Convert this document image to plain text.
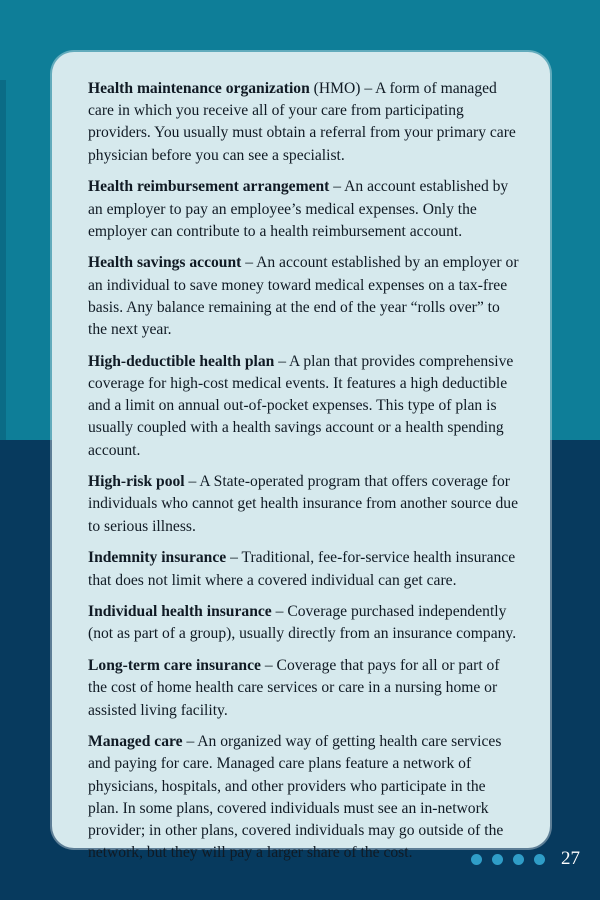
Health maintenance organization (HMO) – A form of managed care in which you receive all of your care from participating providers. You usually must obtain a referral from your primary care physician before you can see a specialist.

Health reimbursement arrangement – An account established by an employer to pay an employee’s medical expenses. Only the employer can contribute to a health reimbursement account.

Health savings account – An account established by an employer or an individual to save money toward medical expenses on a tax-free basis. Any balance remaining at the end of the year “rolls over” to the next year.

High-deductible health plan – A plan that provides comprehensive coverage for high-cost medical events. It features a high deductible and a limit on annual out-of-pocket expenses. This type of plan is usually coupled with a health savings account or a health spending account.

High-risk pool – A State-operated program that offers coverage for individuals who cannot get health insurance from another source due to serious illness.

Indemnity insurance – Traditional, fee-for-service health insurance that does not limit where a covered individual can get care.

Individual health insurance – Coverage purchased independently (not as part of a group), usually directly from an insurance company.

Long-term care insurance – Coverage that pays for all or part of the cost of home health care services or care in a nursing home or assisted living facility.

Managed care – An organized way of getting health care services and paying for care. Managed care plans feature a network of physicians, hospitals, and other providers who participate in the plan. In some plans, covered individuals must see an in-network provider; in other plans, covered individuals may go outside of the network, but they will pay a larger share of the cost.	27
